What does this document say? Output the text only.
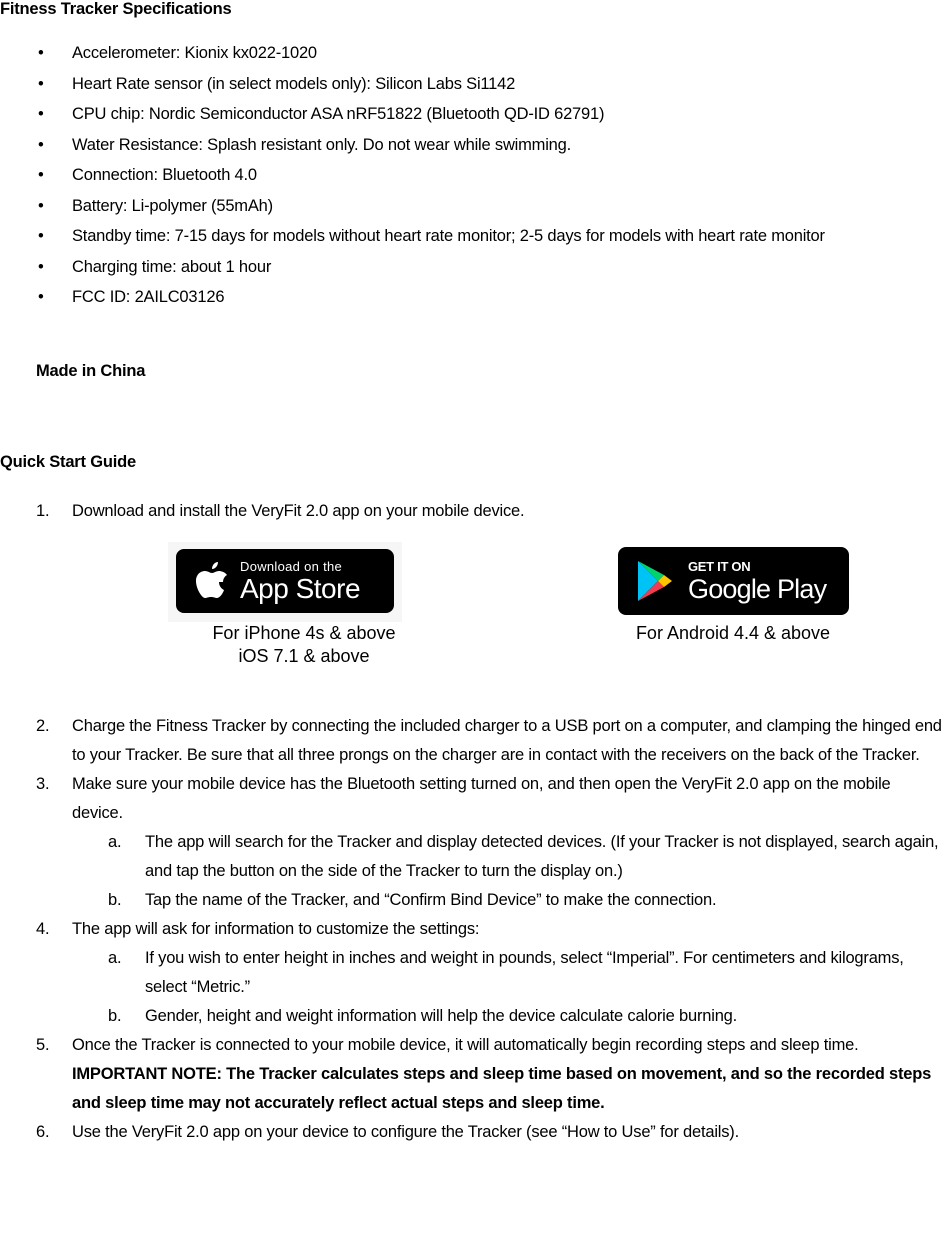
Fitness Tracker Specifications
• Accelerometer: Kionix kx022-1020
• Heart Rate sensor (in select models only): Silicon Labs Si1142
• CPU chip: Nordic Semiconductor ASA nRF51822 (Bluetooth QD-ID 62791)
• Water Resistance: Splash resistant only. Do not wear while swimming.
• Connection: Bluetooth 4.0
• Battery: Li-polymer (55mAh)
• Standby time: 7-15 days for models without heart rate monitor; 2-5 days for models with heart rate monitor
• Charging time: about 1 hour
• FCC ID: 2AILC03126
Made in China
Quick Start Guide
1. Download and install the VeryFit 2.0 app on your mobile device.
Download on the
App Store
For iPhone 4s & above
iOS 7.1 & above
GET IT ON
Google Play
For Android 4.4 & above
2. Charge the Fitness Tracker by connecting the included charger to a USB port on a computer, and clamping the hinged end to your Tracker. Be sure that all three prongs on the charger are in contact with the receivers on the back of the Tracker.
3. Make sure your mobile device has the Bluetooth setting turned on, and then open the VeryFit 2.0 app on the mobile device.
a. The app will search for the Tracker and display detected devices. (If your Tracker is not displayed, search again, and tap the button on the side of the Tracker to turn the display on.)
b. Tap the name of the Tracker, and “Confirm Bind Device” to make the connection.
4. The app will ask for information to customize the settings:
a. If you wish to enter height in inches and weight in pounds, select “Imperial”. For centimeters and kilograms, select “Metric.”
b. Gender, height and weight information will help the device calculate calorie burning.
5. Once the Tracker is connected to your mobile device, it will automatically begin recording steps and sleep time. IMPORTANT NOTE: The Tracker calculates steps and sleep time based on movement, and so the recorded steps and sleep time may not accurately reflect actual steps and sleep time.
6. Use the VeryFit 2.0 app on your device to configure the Tracker (see “How to Use” for details).
